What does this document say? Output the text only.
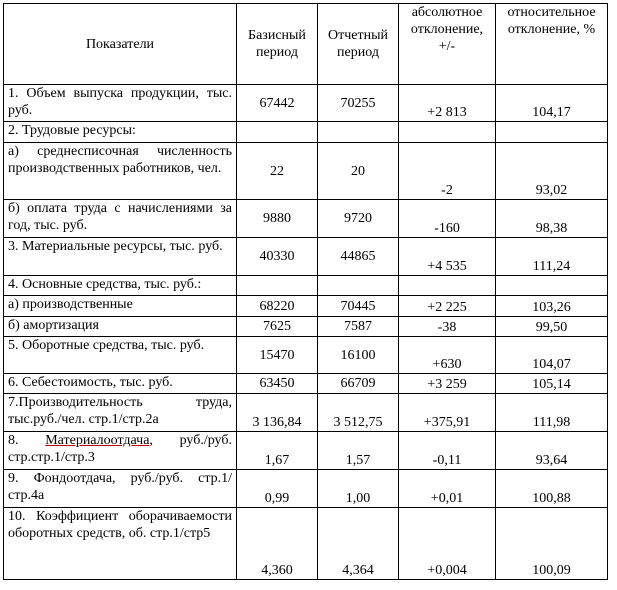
Показатели	Базисный период	Отчетный период	абсолютное отклонение, +/-	относительное отклонение, %
1. Объем выпуска продукции, тыс. руб.	67442	70255	+2 813	104,17
2. Трудовые ресурсы:				
а) среднесписочная численность производственных работников, чел.	22	20	-2	93,02
б) оплата труда с начислениями за год, тыс. руб.	9880	9720	-160	98,38
3. Материальные ресурсы, тыс. руб.	40330	44865	+4 535	111,24
4. Основные средства, тыс. руб.:				
а) производственные	68220	70445	+2 225	103,26
б) амортизация	7625	7587	-38	99,50
5. Оборотные средства, тыс. руб.	15470	16100	+630	104,07
6. Себестоимость, тыс. руб.	63450	66709	+3 259	105,14
7.Производительность труда, тыс.руб./чел. стр.1/стр.2а	3 136,84	3 512,75	+375,91	111,98
8. Материалоотдача, руб./руб. стр.стр.1/стр.3	1,67	1,57	-0,11	93,64
9. Фондоотдача, руб./руб. стр.1/стр.4а	0,99	1,00	+0,01	100,88
10. Коэффициент оборачиваемости оборотных средств, об. стр.1/стр5	4,360	4,364	+0,004	100,09
